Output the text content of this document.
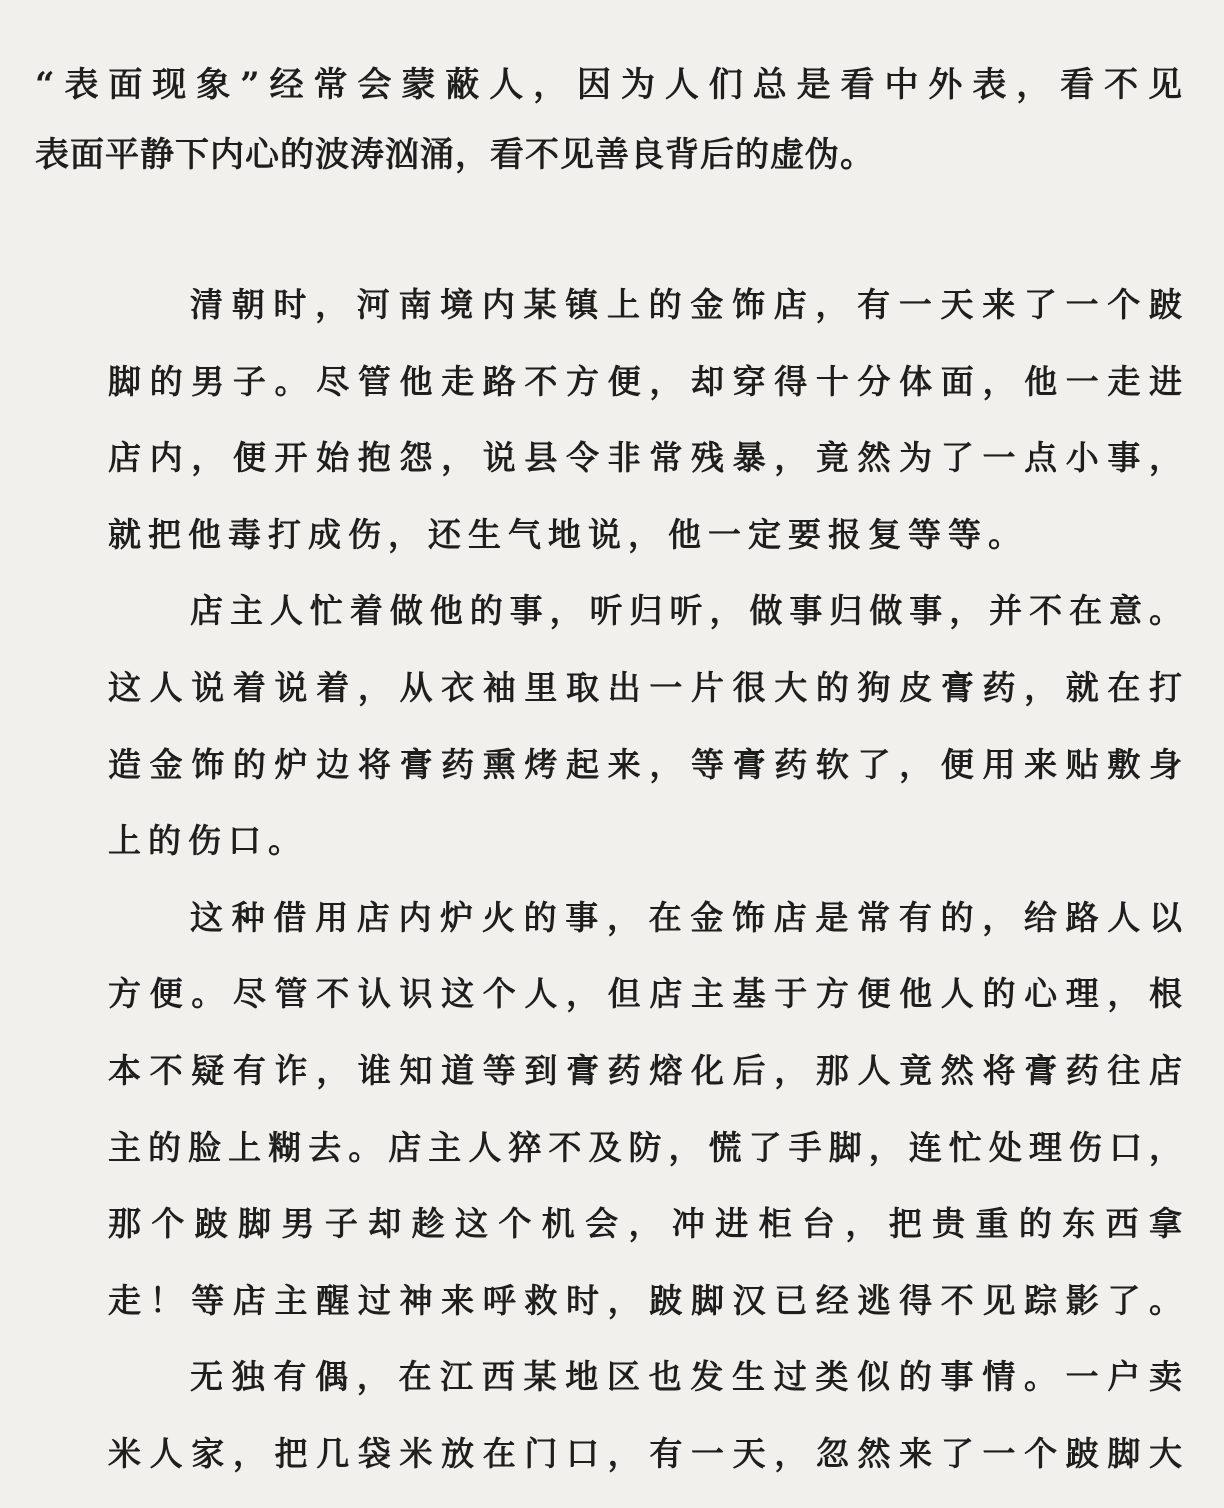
“表面现象”经常会蒙蔽人，因为人们总是看中外表，看不见
表面平静下内心的波涛汹涌，看不见善良背后的虚伪。
清朝时，河南境内某镇上的金饰店，有一天来了一个跛
脚的男子。尽管他走路不方便，却穿得十分体面，他一走进
店内，便开始抱怨，说县令非常残暴，竟然为了一点小事，
就把他毒打成伤，还生气地说，他一定要报复等等。
店主人忙着做他的事，听归听，做事归做事，并不在意。
这人说着说着，从衣袖里取出一片很大的狗皮膏药，就在打
造金饰的炉边将膏药熏烤起来，等膏药软了，便用来贴敷身
上的伤口。
这种借用店内炉火的事，在金饰店是常有的，给路人以
方便。尽管不认识这个人，但店主基于方便他人的心理，根
本不疑有诈，谁知道等到膏药熔化后，那人竟然将膏药往店
主的脸上糊去。店主人猝不及防，慌了手脚，连忙处理伤口，
那个跛脚男子却趁这个机会，冲进柜台，把贵重的东西拿
走！等店主醒过神来呼救时，跛脚汉已经逃得不见踪影了。
无独有偶，在江西某地区也发生过类似的事情。一户卖
米人家，把几袋米放在门口，有一天，忽然来了一个跛脚大
